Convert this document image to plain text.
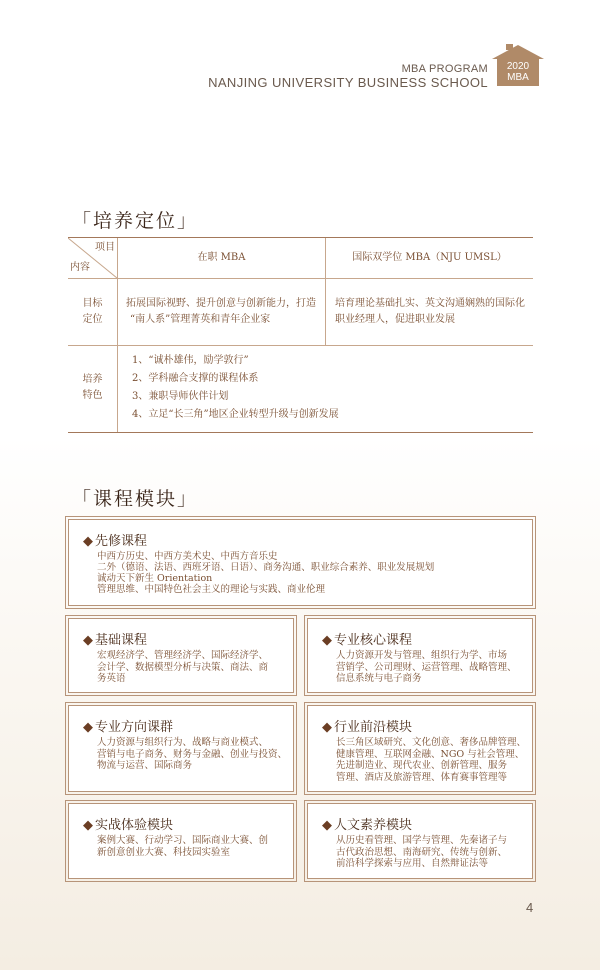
MBA PROGRAM
NANJING UNIVERSITY BUSINESS SCHOOL
2020
MBA
「培养定位」
项目
内容
在职 MBA	国际双学位 MBA（NJU UMSL）
目标
定位
拓展国际视野、提升创意与创新能力，打造
“南人系”管理菁英和青年企业家
培育理论基础扎实、英文沟通娴熟的国际化
职业经理人，促进职业发展
培养
特色
1、“诚朴雄伟，励学敦行”
2、学科融合支撑的课程体系
3、兼职导师伙伴计划
4、立足“长三角”地区企业转型升级与创新发展
「课程模块」
◆ 先修课程
中西方历史、中西方美术史、中西方音乐史
二外（德语、法语、西班牙语、日语）、商务沟通、职业综合素养、职业发展规划
诚动天下新生 Orientation
管理思维、中国特色社会主义的理论与实践、商业伦理
◆ 基础课程
宏观经济学、管理经济学、国际经济学、
会计学、数据模型分析与决策、商法、商
务英语
◆ 专业核心课程
人力资源开发与管理、组织行为学、市场
营销学、公司理财、运营管理、战略管理、
信息系统与电子商务
◆ 专业方向课群
人力资源与组织行为、战略与商业模式、
营销与电子商务、财务与金融、创业与投资、
物流与运营、国际商务
◆ 行业前沿模块
长三角区域研究、文化创意、奢侈品牌管理、
健康管理、互联网金融、NGO 与社会管理、
先进制造业、现代农业、创新管理、服务
管理、酒店及旅游管理、体育赛事管理等
◆ 实战体验模块
案例大赛、行动学习、国际商业大赛、创
新创意创业大赛、科技园实验室
◆ 人文素养模块
从历史看管理、国学与管理、先秦诸子与
古代政治思想、南海研究、传统与创新、
前沿科学探索与应用、自然辩证法等
4
